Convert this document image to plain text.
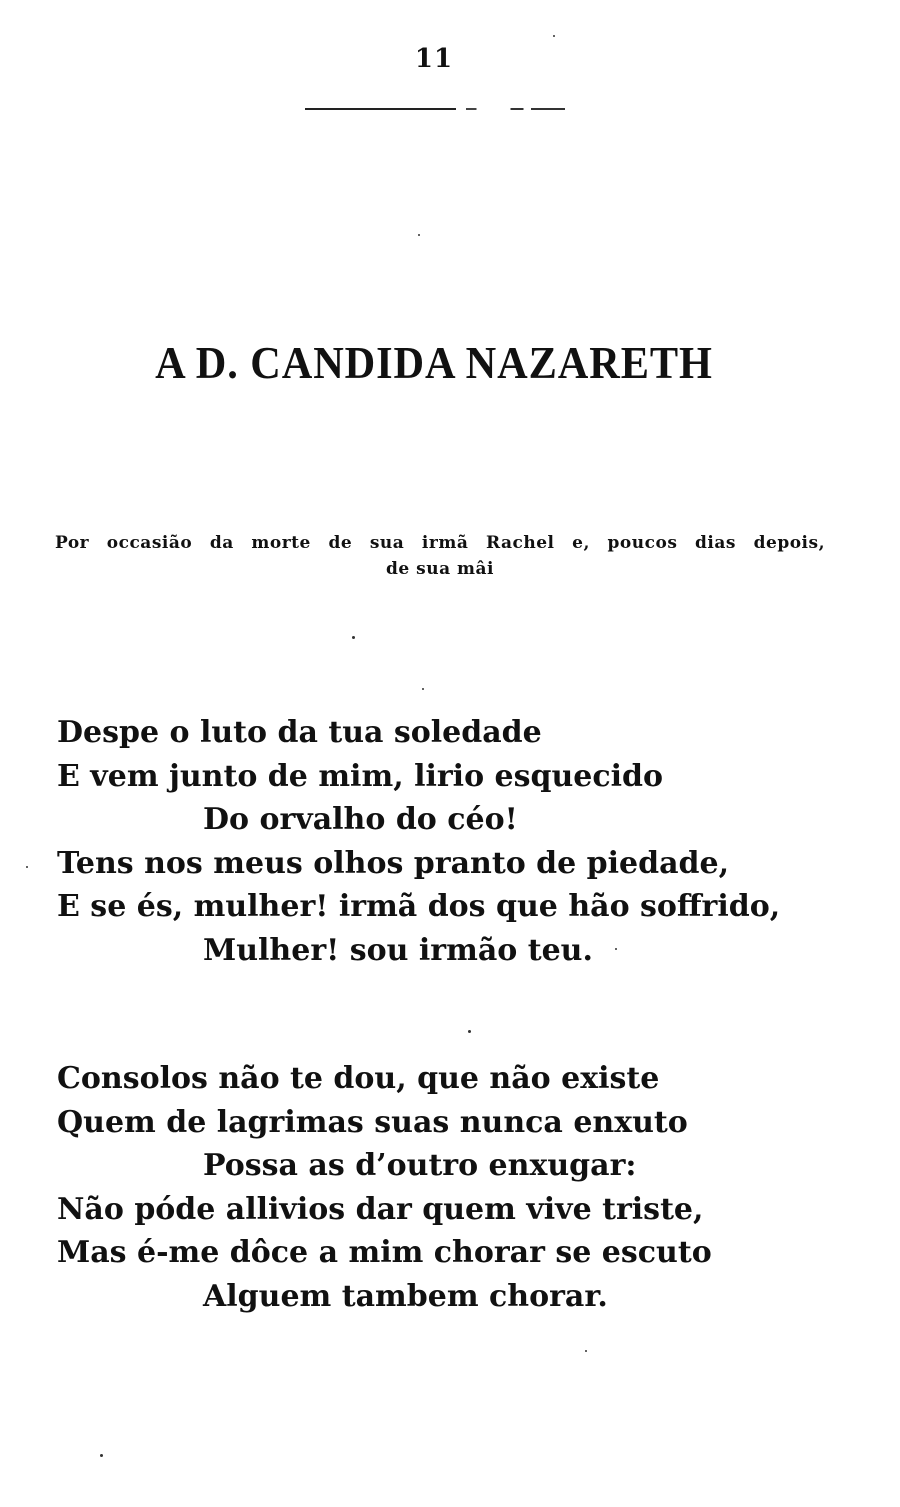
11
A D. CANDIDA NAZARETH
Por occasião da morte de sua irmã Rachel e, poucos dias depois,
de sua mâi
Despe o luto da tua soledade
E vem junto de mim, lirio esquecido
Do orvalho do céo!
Tens nos meus olhos pranto de piedade,
E se és, mulher! irmã dos que hão soffrido,
Mulher! sou irmão teu.
Consolos não te dou, que não existe
Quem de lagrimas suas nunca enxuto
Possa as d’outro enxugar:
Não póde allivios dar quem vive triste,
Mas é-me dôce a mim chorar se escuto
Alguem tambem chorar.
